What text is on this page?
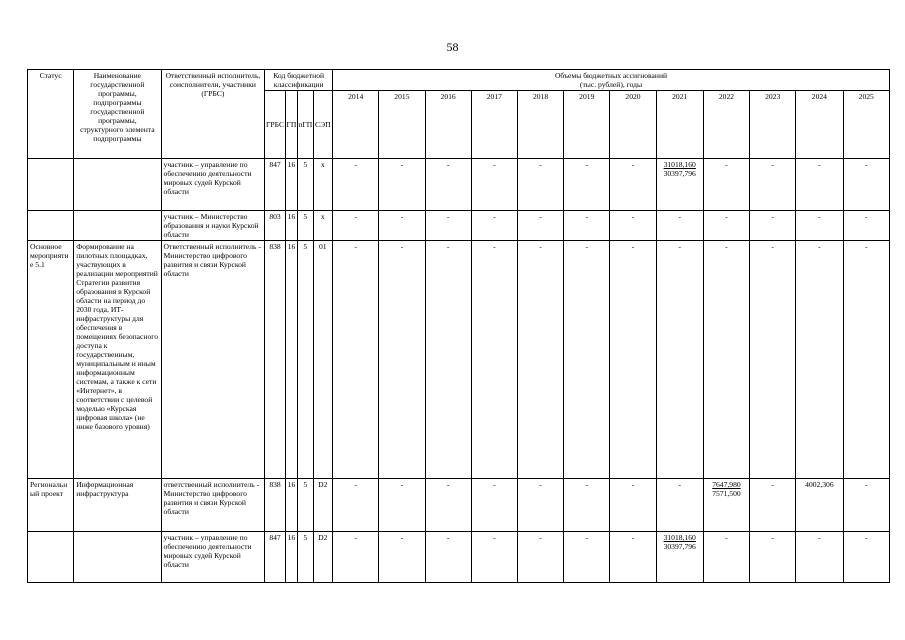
58
Статус	Наименование государственной программы, подпрограммы государственной программы, структурного элемента подпрограммы	Ответственный исполнитель, соисполнители, участники (ГРБС)	Код бюджетной классификации				Объемы бюджетных ассигнований
(тыс. рублей), годы											
			ГРБС	ГП	пГП	СЭП	2014	2015	2016	2017	2018	2019	2020	2021	2022	2023	2024	2025
		участник – управление по обеспечению деятельности мировых судей Курской области	847	16	5	х	-	-	-	-	-	-	-	31018,160
30397,796	-	-	-	-
		участник – Министерство образования и науки Курской области	803	16	5	х	-	-	-	-	-	-	-	-	-	-	-	-
Основное мероприятие 5.1	Формирование на пилотных площадках, участвующих в реализации мероприятий Стратегии развития образования в Курской области на период до 2030 года, ИТ-инфраструктуры для обеспечения в помещениях безопасного доступа к государственным, муниципальным и иным информационным системам, а также к сети «Интернет», в соответствии с целевой моделью «Курская цифровая школа» (не ниже базового уровня)	Ответственный исполнитель - Министерство цифрового развития и связи Курской области	838	16	5	01	-	-	-	-	-	-	-	-	-	-	-	-
Региональный проект	Информационная инфраструктура	ответственный исполнитель - Министерство цифрового развития и связи Курской области	838	16	5	D2	-	-	-	-	-	-	-	-	7647,980
7571,500	-	4002,306	-
		участник – управление по обеспечению деятельности мировых судей Курской области	847	16	5	D2	-	-	-	-	-	-	-	31018,160
30397,796	-	-	-	-
